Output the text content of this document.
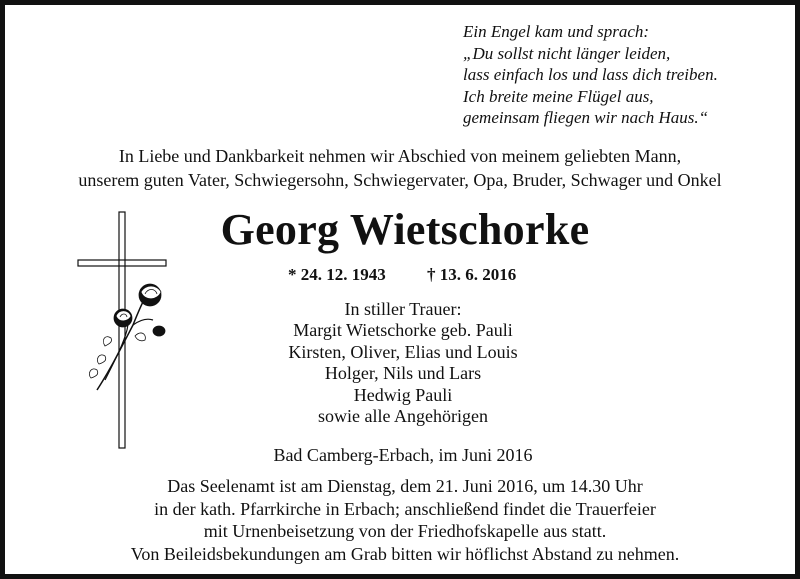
Ein Engel kam und sprach:
„Du sollst nicht länger leiden,
lass einfach los und lass dich treiben.
Ich breite meine Flügel aus,
gemeinsam fliegen wir nach Haus.“
In Liebe und Dankbarkeit nehmen wir Abschied von meinem geliebten Mann,
unserem guten Vater, Schwiegersohn, Schwiegervater, Opa, Bruder, Schwager und Onkel
Georg Wietschorke
* 24. 12. 1943 † 13. 6. 2016
In stiller Trauer:
Margit Wietschorke geb. Pauli
Kirsten, Oliver, Elias und Louis
Holger, Nils und Lars
Hedwig Pauli
sowie alle Angehörigen
Bad Camberg-Erbach, im Juni 2016
Das Seelenamt ist am Dienstag, dem 21. Juni 2016, um 14.30 Uhr
in der kath. Pfarrkirche in Erbach; anschließend findet die Trauerfeier
mit Urnenbeisetzung von der Friedhofskapelle aus statt.
Von Beileidsbekundungen am Grab bitten wir höflichst Abstand zu nehmen.
